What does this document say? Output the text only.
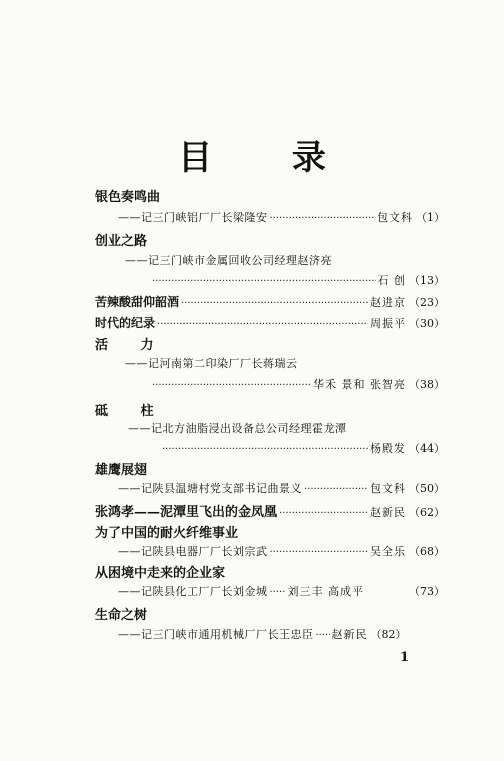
目 录
银色奏鸣曲
——记三门峡铝厂厂长梁隆安 ·····	包文科 （1）
创业之路
——记三门峡市金属回收公司经理赵济亮
·····
石 创 （13）
苦辣酸甜仰韶酒 ·····	赵进京 （23）
时代的纪录 ·····	周振平 （30）
活 力
——记河南第二印染厂厂长蒋瑞云
·····
华禾 景和 张智亮 （38）
砥 柱
——记北方油脂浸出设备总公司经理霍龙潭
·····
杨殿发 （44）
雄鹰展翅
——记陕县温塘村党支部书记曲景义 ·····	包文科 （50）
张鸿孝——泥潭里飞出的金凤凰 ·····	赵新民 （62）
为了中国的耐火纤维事业
——记陕县电器厂厂长刘宗武 ·····	吴全乐 （68）
从困境中走来的企业家
——记陕县化工厂厂长刘金城 ····· 刘三丰 高成平	（73）
生命之树
——记三门峡市通用机械厂厂长王忠臣 ····· 赵新民 （82）
1
